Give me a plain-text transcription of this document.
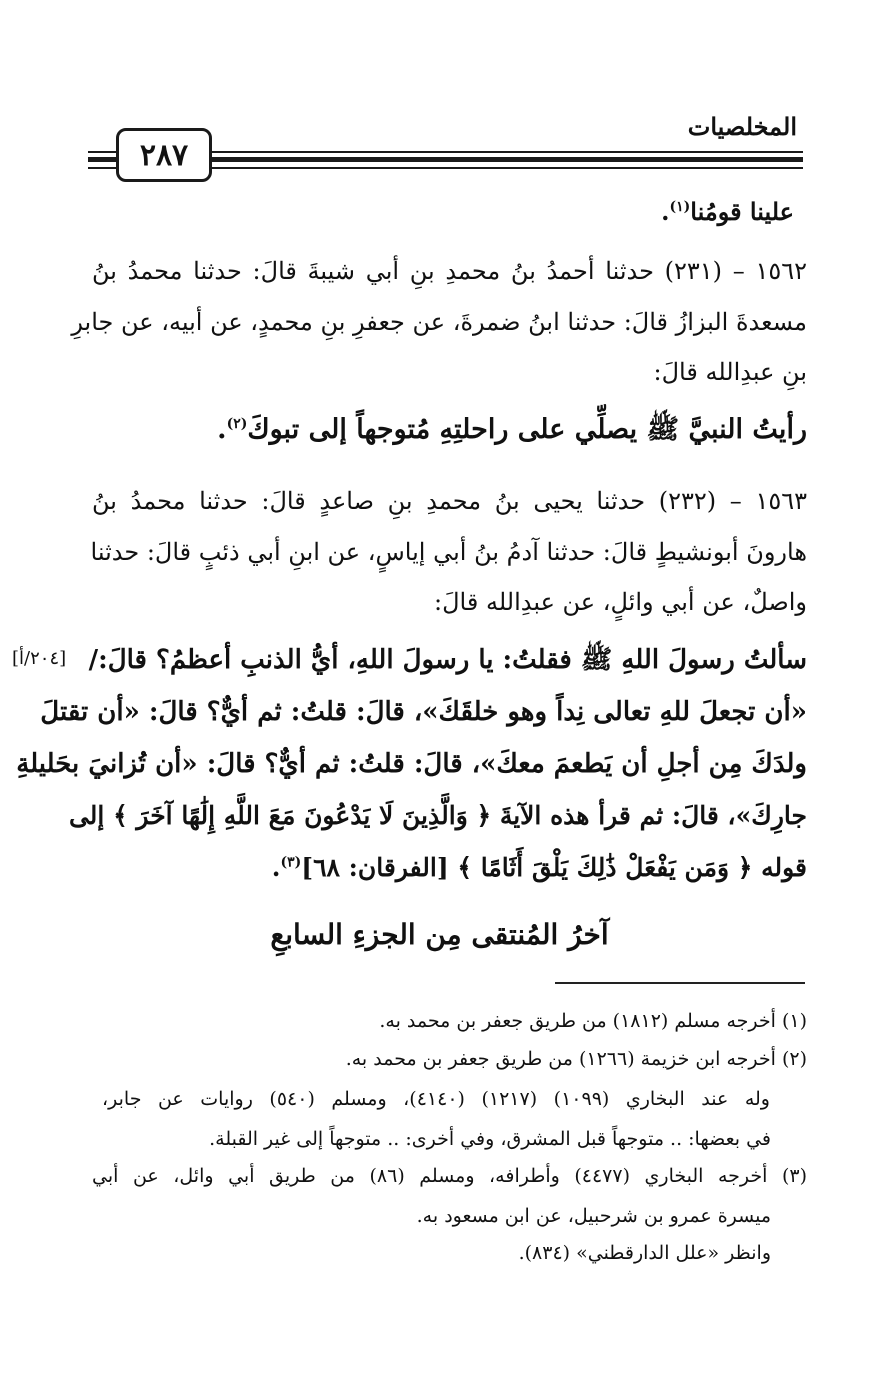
المخلصيات
٢٨٧
علينا قومُنا$^{(١)}$.
١٥٦٢ – (٢٣١) حدثنا أحمدُ بنُ محمدِ بنِ أبي شيبةَ قالَ: حدثنا محمدُ بنُ
مسعدةَ البزازُ قالَ: حدثنا ابنُ ضمرةَ، عن جعفرِ بنِ محمدٍ، عن أبيه، عن جابرِ
بنِ عبدِالله قالَ:
رأيتُ النبيَّ ﷺ يصلِّي على راحلتِهِ مُتوجهاً إلى تبوكَ$^{(٢)}$.
١٥٦٣ – (٢٣٢) حدثنا يحيى بنُ محمدِ بنِ صاعدٍ قالَ: حدثنا محمدُ بنُ
هارونَ أبونشيطٍ قالَ: حدثنا آدمُ بنُ أبي إياسٍ، عن ابنِ أبي ذئبٍ قالَ: حدثنا
واصلٌ، عن أبي وائلٍ، عن عبدِالله قالَ:
[٢٠٤/أ] سألتُ رسولَ اللهِ ﷺ فقلتُ: يا رسولَ اللهِ، أيُّ الذنبِ أعظمُ؟ قالَ:/
«أن تجعلَ للهِ تعالى نِداً وهو خلقَكَ»، قالَ: قلتُ: ثم أيٌّ؟ قالَ: «أن تقتلَ
ولدَكَ مِن أجلِ أن يَطعمَ معكَ»، قالَ: قلتُ: ثم أيٌّ؟ قالَ: «أن تُزانيَ بحَليلةِ
جارِكَ»، قالَ: ثم قرأ هذه الآيةَ ﴿ وَالَّذِينَ لَا يَدْعُونَ مَعَ اللَّهِ إِلَٰهًا آخَرَ ﴾ إلى
قوله ﴿ وَمَن يَفْعَلْ ذَٰلِكَ يَلْقَ أَثَامًا ﴾ [الفرقان: ٦٨]$^{(٣)}$.
آخرُ المُنتقى مِن الجزءِ السابعِ
(١) أخرجه مسلم (١٨١٢) من طريق جعفر بن محمد به.
(٢) أخرجه ابن خزيمة (١٢٦٦) من طريق جعفر بن محمد به.
وله عند البخاري (١٠٩٩) (١٢١٧) (٤١٤٠)، ومسلم (٥٤٠) روايات عن جابر،
في بعضها: .. متوجهاً قبل المشرق، وفي أخرى: .. متوجهاً إلى غير القبلة.
(٣) أخرجه البخاري (٤٤٧٧) وأطرافه، ومسلم (٨٦) من طريق أبي وائل، عن أبي
ميسرة عمرو بن شرحبيل، عن ابن مسعود به.
وانظر «علل الدارقطني» (٨٣٤).
